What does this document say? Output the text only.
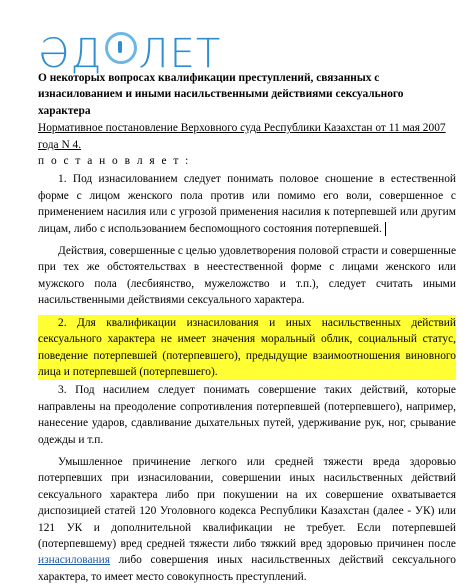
ƏД ЛЕТ
О некоторых вопросах квалификации преступлений, связанных с изнасилованием и иными насильственными действиями сексуального характера
Нормативное постановление Верховного суда Республики Казахстан от 11 мая 2007 года N 4.
п о с т а н о в л я е т :

1. Под изнасилованием следует понимать половое сношение в естественной форме с лицом женского пола против или помимо его воли, совершенное с применением насилия или с угрозой применения насилия к потерпевшей или другим лицам, либо с использованием беспомощного состояния потерпевшей.

Действия, совершенные с целью удовлетворения половой страсти и совершенные при тех же обстоятельствах в неестественной форме с лицами женского или мужского пола (лесбиянство, мужеложство и т.п.), следует считать иными насильственными действиями сексуального характера.

2. Для квалификации изнасилования и иных насильственных действий сексуального характера не имеет значения моральный облик, социальный статус, поведение потерпевшей (потерпевшего), предыдущие взаимоотношения виновного лица и потерпевшей (потерпевшего).

3. Под насилием следует понимать совершение таких действий, которые направлены на преодоление сопротивления потерпевшей (потерпевшего), например, нанесение ударов, сдавливание дыхательных путей, удерживание рук, ног, срывание одежды и т.п.

Умышленное причинение легкого или средней тяжести вреда здоровью потерпевших при изнасиловании, совершении иных насильственных действий сексуального характера либо при покушении на их совершение охватывается диспозицией статей 120 Уголовного кодекса Республики Казахстан (далее - УК) или 121 УК и дополнительной квалификации не требует. Если потерпевшей (потерпевшему) вред средней тяжести либо тяжкий вред здоровью причинен после изнасилования либо совершения иных насильственных действий сексуального характера, то имеет место совокупность преступлений.
